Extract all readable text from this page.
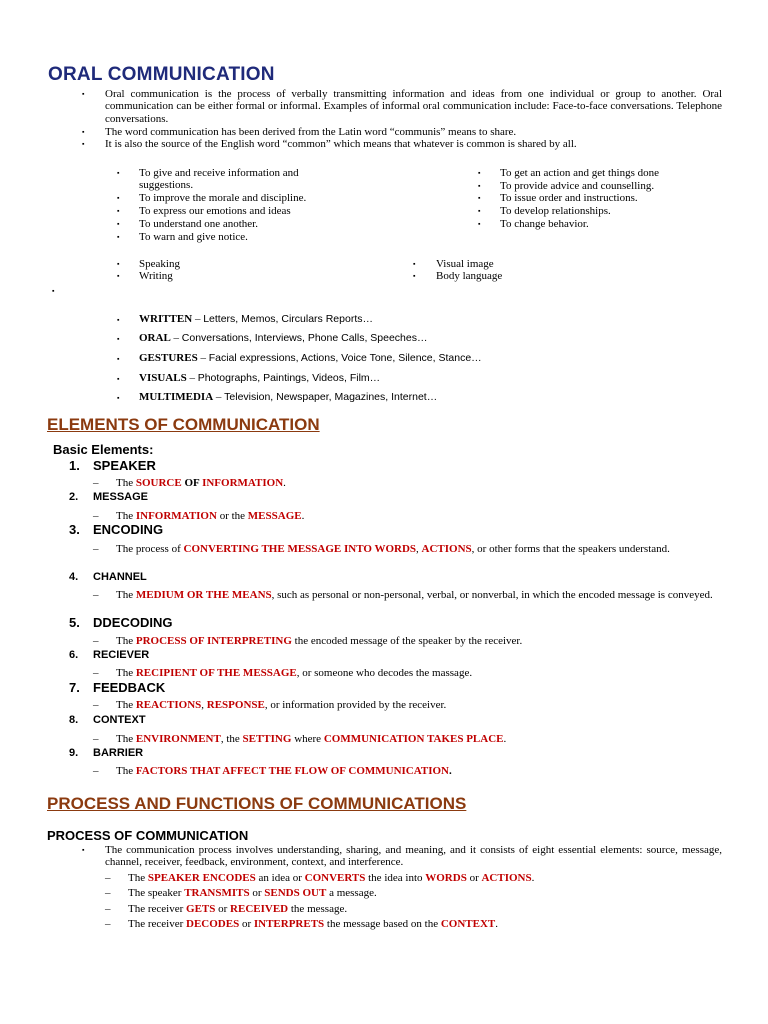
ORAL COMMUNICATION
▪ Oral communication is the process of verbally transmitting information and ideas from one individual or group to another. Oral communication can be either formal or informal. Examples of informal oral communication include: Face-to-face conversations. Telephone conversations.
▪ The word communication has been derived from the Latin word “communis” means to share.
▪ It is also the source of the English word “common” which means that whatever is common is shared by all.
▪ To give and receive information and suggestions.
▪ To improve the morale and discipline.
▪ To express our emotions and ideas
▪ To understand one another.
▪ To warn and give notice.
▪ To get an action and get things done
▪ To provide advice and counselling.
▪ To issue order and instructions.
▪ To develop relationships.
▪ To change behavior.
▪ Speaking
▪ Writing
▪ Visual image
▪ Body language
▪
▪ WRITTEN – Letters, Memos, Circulars Reports…
▪ ORAL – Conversations, Interviews, Phone Calls, Speeches…
▪ GESTURES – Facial expressions, Actions, Voice Tone, Silence, Stance…
▪ VISUALS – Photographs, Paintings, Videos, Film…
▪ MULTIMEDIA – Television, Newspaper, Magazines, Internet…
ELEMENTS OF COMMUNICATION
Basic Elements:
1. SPEAKER
– The SOURCE OF INFORMATION.
2. MESSAGE
– The INFORMATION or the MESSAGE.
3. ENCODING
– The process of CONVERTING THE MESSAGE INTO WORDS, ACTIONS, or other forms that the speakers understand.
4. CHANNEL
– The MEDIUM OR THE MEANS, such as personal or non-personal, verbal, or nonverbal, in which the encoded message is conveyed.
5. DDECODING
– The PROCESS OF INTERPRETING the encoded message of the speaker by the receiver.
6. RECIEVER
– The RECIPIENT OF THE MESSAGE, or someone who decodes the massage.
7. FEEDBACK
– The REACTIONS, RESPONSE, or information provided by the receiver.
8. CONTEXT
– The ENVIRONMENT, the SETTING where COMMUNICATION TAKES PLACE.
9. BARRIER
– The FACTORS THAT AFFECT THE FLOW OF COMMUNICATION.
PROCESS AND FUNCTIONS OF COMMUNICATIONS
PROCESS OF COMMUNICATION
▪ The communication process involves understanding, sharing, and meaning, and it consists of eight essential elements: source, message, channel, receiver, feedback, environment, context, and interference.
– The SPEAKER ENCODES an idea or CONVERTS the idea into WORDS or ACTIONS.
– The speaker TRANSMITS or SENDS OUT a message.
– The receiver GETS or RECEIVED the message.
– The receiver DECODES or INTERPRETS the message based on the CONTEXT.
